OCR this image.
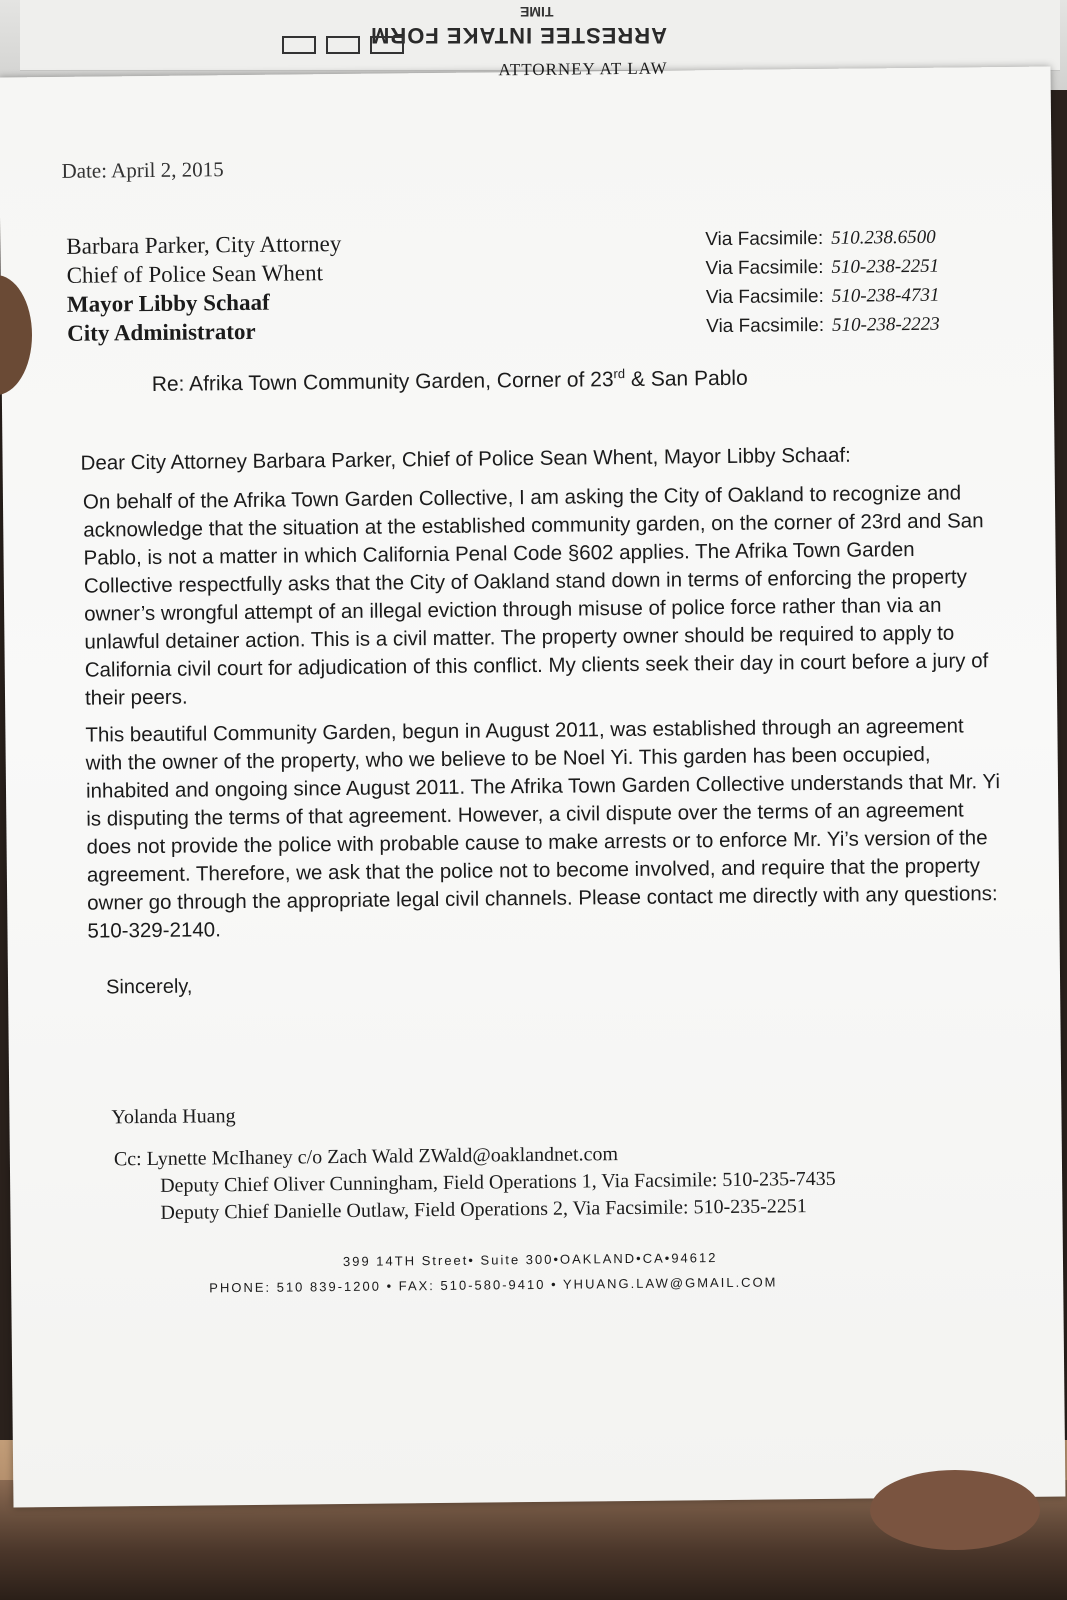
TIME
ARRESTEE INTAKE FORM
ATTORNEY AT LAW
Date: April 2, 2015
Barbara Parker, City Attorney
Chief of Police Sean Whent
Mayor Libby Schaaf
City Administrator
Via Facsimile: 510.238.6500
Via Facsimile: 510-238-2251
Via Facsimile: 510-238-4731
Via Facsimile: 510-238-2223
Re: Afrika Town Community Garden, Corner of 23rd & San Pablo
Dear City Attorney Barbara Parker, Chief of Police Sean Whent, Mayor Libby Schaaf:
On behalf of the Afrika Town Garden Collective, I am asking the City of Oakland to recognize and acknowledge that the situation at the established community garden, on the corner of 23rd and San Pablo, is not a matter in which California Penal Code §602 applies. The Afrika Town Garden Collective respectfully asks that the City of Oakland stand down in terms of enforcing the property owner’s wrongful attempt of an illegal eviction through misuse of police force rather than via an unlawful detainer action. This is a civil matter. The property owner should be required to apply to California civil court for adjudication of this conflict. My clients seek their day in court before a jury of their peers.
This beautiful Community Garden, begun in August 2011, was established through an agreement with the owner of the property, who we believe to be Noel Yi. This garden has been occupied, inhabited and ongoing since August 2011. The Afrika Town Garden Collective understands that Mr. Yi is disputing the terms of that agreement. However, a civil dispute over the terms of an agreement does not provide the police with probable cause to make arrests or to enforce Mr. Yi’s version of the agreement. Therefore, we ask that the police not to become involved, and require that the property owner go through the appropriate legal civil channels. Please contact me directly with any questions: 510-329-2140.
Sincerely,
Yolanda Huang
Cc: Lynette McIhaney c/o Zach Wald ZWald@oaklandnet.com
Deputy Chief Oliver Cunningham, Field Operations 1, Via Facsimile: 510-235-7435
Deputy Chief Danielle Outlaw, Field Operations 2, Via Facsimile: 510-235-2251
399 14TH Street• Suite 300•OAKLAND•CA•94612
PHONE: 510 839-1200 • FAX: 510-580-9410 • YHUANG.LAW@GMAIL.COM
